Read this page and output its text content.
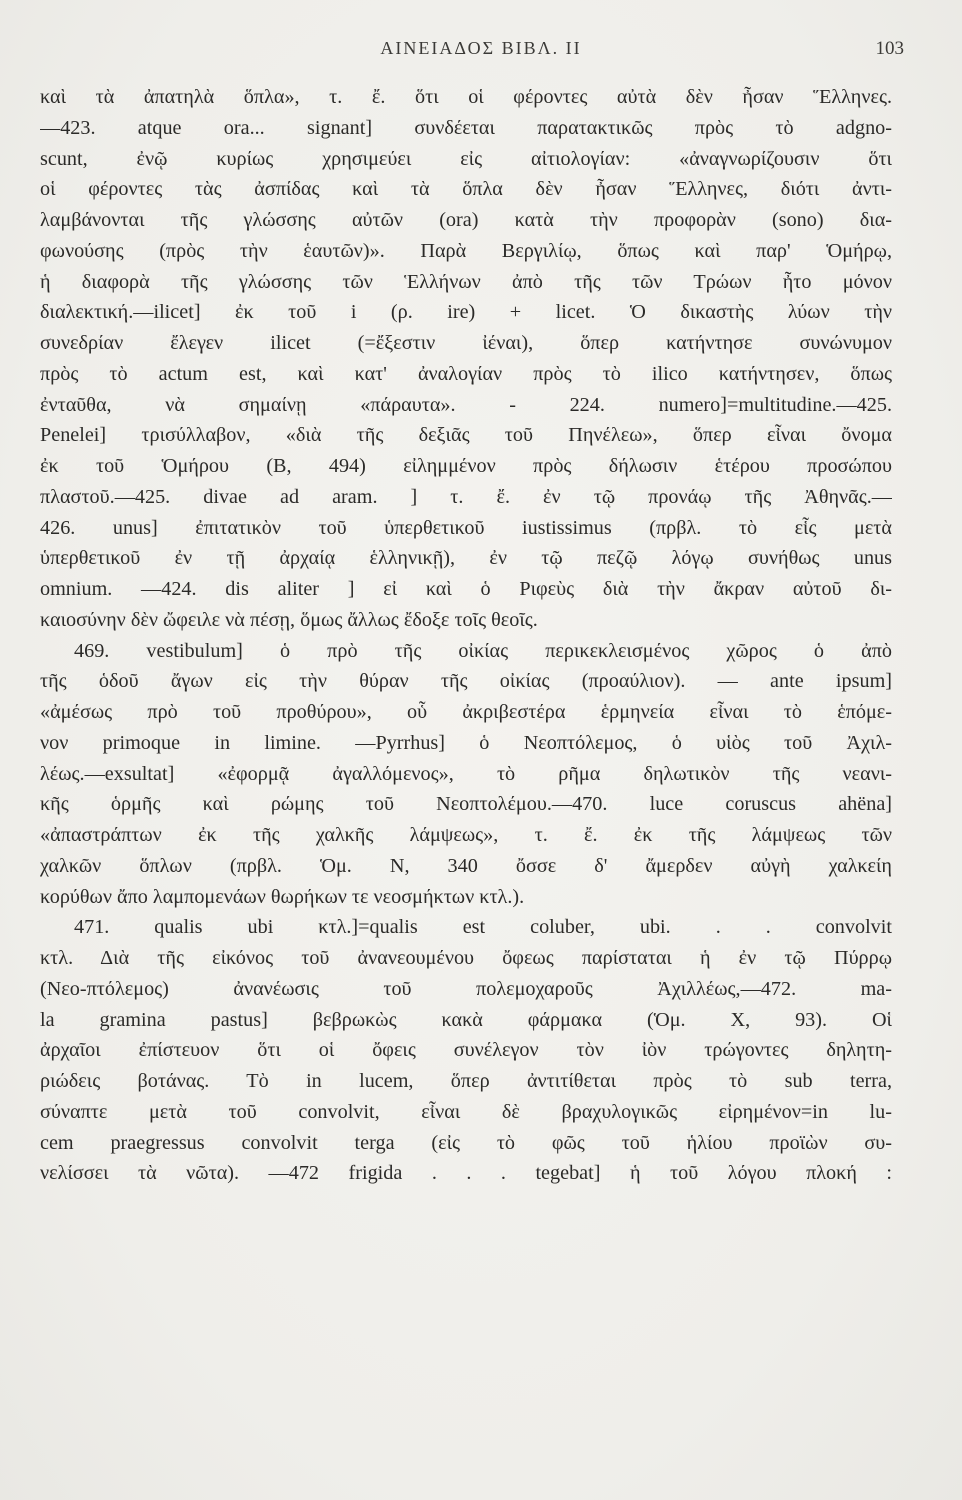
ΑΙΝΕΙΑΔΟΣ ΒΙΒΛ. II	103
καὶ τὰ ἀπατηλὰ ὅπλα», τ. ἔ. ὅτι οἱ φέροντες αὐτὰ δὲν ἦσαν Ἕλληνες.
—423. atque ora... signant] συνδέεται παρατακτικῶς πρὸς τὸ adgno-
scunt, ἐνῷ κυρίως χρησιμεύει εἰς αἰτιολογίαν: «ἀναγνωρίζουσιν ὅτι
οἱ φέροντες τὰς ἀσπίδας καὶ τὰ ὅπλα δὲν ἦσαν Ἕλληνες, διότι ἀντι-
λαμβάνονται τῆς γλώσσης αὐτῶν (ora) κατὰ τὴν προφορὰν (sono) δια-
φωνούσης (πρὸς τὴν ἑαυτῶν)». Παρὰ Βεργιλίῳ, ὅπως καὶ παρ' Ὁμήρῳ,
ἡ διαφορὰ τῆς γλώσσης τῶν Ἑλλήνων ἀπὸ τῆς τῶν Τρώων ἦτο μόνον
διαλεκτική.—ilicet] ἐκ τοῦ i (ρ. ire) + licet. Ὁ δικαστὴς λύων τὴν
συνεδρίαν ἔλεγεν ilicet (=ἔξεστιν ἰέναι), ὅπερ κατήντησε συνώνυμον
πρὸς τὸ actum est, καὶ κατ' ἀναλογίαν πρὸς τὸ ilico κατήντησεν, ὅπως
ἐνταῦθα, νὰ σημαίνῃ «πάραυτα». - 224. numero]=multitudine.—425.
Penelei] τρισύλλαβον, «διὰ τῆς δεξιᾶς τοῦ Πηνέλεω», ὅπερ εἶναι ὄνομα
ἐκ τοῦ Ὁμήρου (Β, 494) εἰλημμένον πρὸς δήλωσιν ἑτέρου προσώπου
πλαστοῦ.—425. divae ad aram. ] τ. ἔ. ἐν τῷ προνάῳ τῆς Ἀθηνᾶς.—
426. unus] ἐπιτατικὸν τοῦ ὑπερθετικοῦ iustissimus (πρβλ. τὸ εἷς μετὰ
ὑπερθετικοῦ ἐν τῇ ἀρχαίᾳ ἑλληνικῇ), ἐν τῷ πεζῷ λόγῳ συνήθως unus
omnium. —424. dis aliter ] εἰ καὶ ὁ Ριφεὺς διὰ τὴν ἄκραν αὐτοῦ δι-
καιοσύνην δὲν ὤφειλε νὰ πέσῃ, ὅμως ἄλλως ἔδοξε τοῖς θεοῖς.
469. vestibulum] ὁ πρὸ τῆς οἰκίας περικεκλεισμένος χῶρος ὁ ἀπὸ
τῆς ὁδοῦ ἄγων εἰς τὴν θύραν τῆς οἰκίας (πρoαύλιον). — ante ipsum]
«ἀμέσως πρὸ τοῦ προθύρου», οὗ ἀκριβεστέρα ἑρμηνεία εἶναι τὸ ἑπόμε-
νον primoque in limine. —Pyrrhus] ὁ Νεοπτόλεμος, ὁ υἱὸς τοῦ Ἀχιλ-
λέως.—exsultat] «ἐφορμᾷ ἀγαλλόμενος», τὸ ρῆμα δηλωτικὸν τῆς νεανι-
κῆς ὁρμῆς καὶ ρώμης τοῦ Νεοπτολέμου.—470. luce coruscus ahëna]
«ἀπαστράπτων ἐκ τῆς χαλκῆς λάμψεως», τ. ἔ. ἐκ τῆς λάμψεως τῶν
χαλκῶν ὅπλων (πρβλ. Ὁμ. Ν, 340 ὄσσε δ' ἄμερδεν αὐγὴ χαλκείη
κορύθων ἄπο λαμπομενάων θωρήκων τε νεοσμήκτων κτλ.).
471. qualis ubi κτλ.]=qualis est coluber, ubi. . . convolvit
κτλ. Διὰ τῆς εἰκόνος τοῦ ἀνανεουμένου ὄφεως παρίσταται ἡ ἐν τῷ Πύρρῳ
(Νεο-πτόλεμος) ἀνανέωσις τοῦ πολεμοχαροῦς Ἀχιλλέως,—472. ma-
la gramina pastus] βεβρωκὼς κακὰ φάρμακα (Ὁμ. Χ, 93). Οἱ
ἀρχαῖοι ἐπίστευον ὅτι οἱ ὄφεις συνέλεγον τὸν ἰὸν τρώγοντες δηλητη-
ριώδεις βοτάνας. Τὸ in lucem, ὅπερ ἀντιτίθεται πρὸς τὸ sub terra,
σύναπτε μετὰ τοῦ convolvit, εἶναι δὲ βραχυλογικῶς εἰρημένον=in lu-
cem praegressus convolvit terga (εἰς τὸ φῶς τοῦ ἡλίου προϊὼν συ-
νελίσσει τὰ νῶτα). —472 frigida . . . tegebat] ἡ τοῦ λόγου πλοκή :
